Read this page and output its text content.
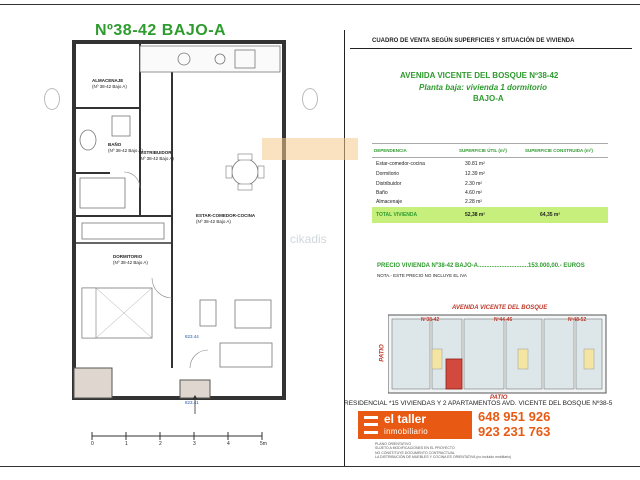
Nº38-42 BAJO-A
ALMACENAJE
(Nº 38-42 Bajo A)
BAÑO
(Nº 38-42 Bajo A)
DISTRIBUIDOR
(Nº 38-42 Bajo A)
ESTAR-COMEDOR-COCINA
(Nº 38-42 Bajo A)
DORMITORIO
(Nº 38-42 Bajo A)
823.44
823.41
0	1	2	3	4	5m
cikadis
CUADRO DE VENTA SEGÚN SUPERFICIES Y SITUACIÓN DE VIVIENDA
AVENIDA VICENTE DEL BOSQUE Nº38-42
Planta baja: vivienda 1 dormitorio
BAJO-A
DEPENDENCIA	SUPERFICIE ÚTIL (m²)	SUPERFICIE CONSTRUIDA (m²)
Estar-comedor-cocina	30.81 m²
Dormitorio	12.39 m²
Distribuidor	2.30 m²
Baño	4.60 m²
Almacenaje	2.28 m²
TOTAL VIVIENDA	52,38 m²	64,35 m²
PRECIO VIVIENDA Nº38-42 BAJO-A..............................153.000,00.- EUROS
NOTA.- ESTE PRECIO NO INCLUYE EL IVA
AVENIDA VICENTE DEL BOSQUE
Nº38-42	Nº44-46	Nº48-52
PATIO
PATIO
RESIDENCIAL *15 VIVIENDAS Y 2 APARTAMENTOS AVD. VICENTE DEL BOSQUE Nº38-5
el taller
inmobiliario
648 951 926
923 231 763
PLANO ORIENTATIVO
SUJETO A MODIFICACIONES EN EL PROYECTO
NO CONSTITUYE DOCUMENTO CONTRACTUAL
LA DISTRIBUCIÓN DE MUEBLES Y COCINA ES ORIENTATIVA (no incluido mobiliario)
